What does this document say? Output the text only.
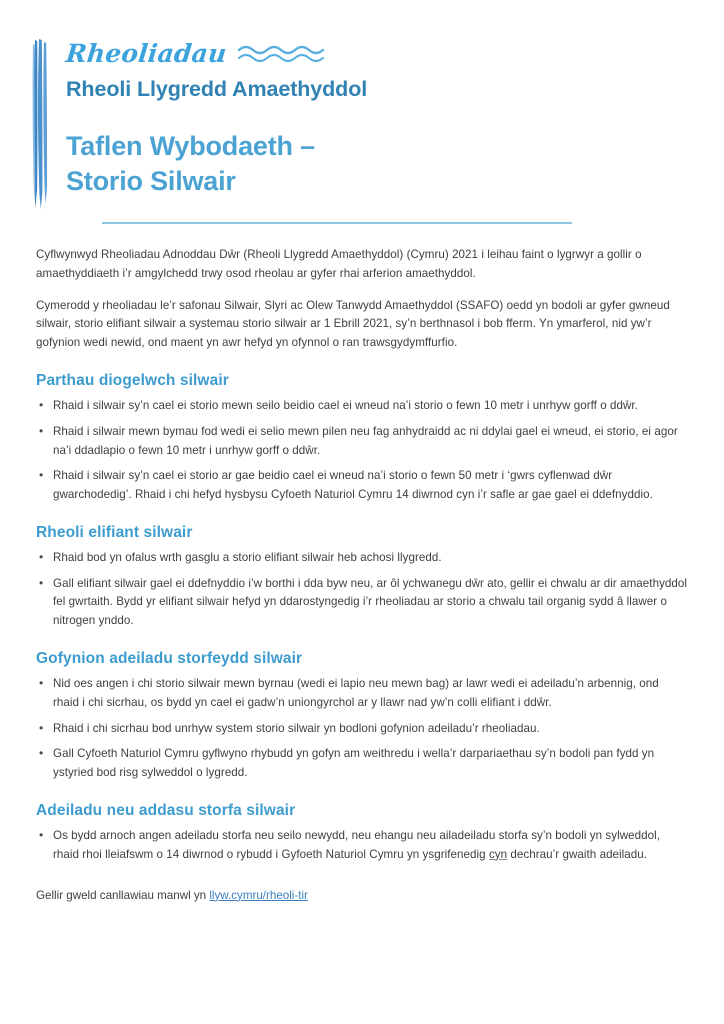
Rheoliadau
Rheoli Llygredd Amaethyddol
Taflen Wybodaeth –
Storio Silwair

Cyflwynwyd Rheoliadau Adnoddau Dŵr (Rheoli Llygredd Amaethyddol) (Cymru) 2021 i leihau faint o lygrwyr a gollir o amaethyddiaeth i’r amgylchedd trwy osod rheolau ar gyfer rhai arferion amaethyddol.

Cymerodd y rheoliadau le’r safonau Silwair, Slyri ac Olew Tanwydd Amaethyddol (SSAFO) oedd yn bodoli ar gyfer gwneud silwair, storio elifiant silwair a systemau storio silwair ar 1 Ebrill 2021, sy’n berthnasol i bob fferm. Yn ymarferol, nid yw’r gofynion wedi newid, ond maent yn awr hefyd yn ofynnol o ran trawsgydymffurfio.

Parthau diogelwch silwair
• Rhaid i silwair sy’n cael ei storio mewn seilo beidio cael ei wneud na’i storio o fewn 10 metr i unrhyw gorff o ddŵr.
• Rhaid i silwair mewn bymau fod wedi ei selio mewn pilen neu fag anhydraidd ac ni ddylai gael ei wneud, ei storio, ei agor na’i ddadlapio o fewn 10 metr i unrhyw gorff o ddŵr.
• Rhaid i silwair sy’n cael ei storio ar gae beidio cael ei wneud na’i storio o fewn 50 metr i ‘gwrs cyflenwad dŵr gwarchodedig’. Rhaid i chi hefyd hysbysu Cyfoeth Naturiol Cymru 14 diwrnod cyn i’r safle ar gae gael ei ddefnyddio.
Rheoli elifiant silwair
• Rhaid bod yn ofalus wrth gasglu a storio elifiant silwair heb achosi llygredd.
• Gall elifiant silwair gael ei ddefnyddio i’w borthi i dda byw neu, ar ôl ychwanegu dŵr ato, gellir ei chwalu ar dir amaethyddol fel gwrtaith. Bydd yr elifiant silwair hefyd yn ddarostyngedig i’r rheoliadau ar storio a chwalu tail organig sydd â llawer o nitrogen ynddo.
Gofynion adeiladu storfeydd silwair
• Nid oes angen i chi storio silwair mewn byrnau (wedi ei lapio neu mewn bag) ar lawr wedi ei adeiladu’n arbennig, ond rhaid i chi sicrhau, os bydd yn cael ei gadw’n uniongyrchol ar y llawr nad yw’n colli elifiant i ddŵr.
• Rhaid i chi sicrhau bod unrhyw system storio silwair yn bodloni gofynion adeiladu’r rheoliadau.
• Gall Cyfoeth Naturiol Cymru gyflwyno rhybudd yn gofyn am weithredu i wella’r darpariaethau sy’n bodoli pan fydd yn ystyried bod risg sylweddol o lygredd.
Adeiladu neu addasu storfa silwair
• Os bydd arnoch angen adeiladu storfa neu seilo newydd, neu ehangu neu ailadeiladu storfa sy’n bodoli yn sylweddol, rhaid rhoi lleiafswm o 14 diwrnod o rybudd i Gyfoeth Naturiol Cymru yn ysgrifenedig cyn dechrau’r gwaith adeiladu.

Gellir gweld canllawiau manwl yn llyw.cymru/rheoli-tir
